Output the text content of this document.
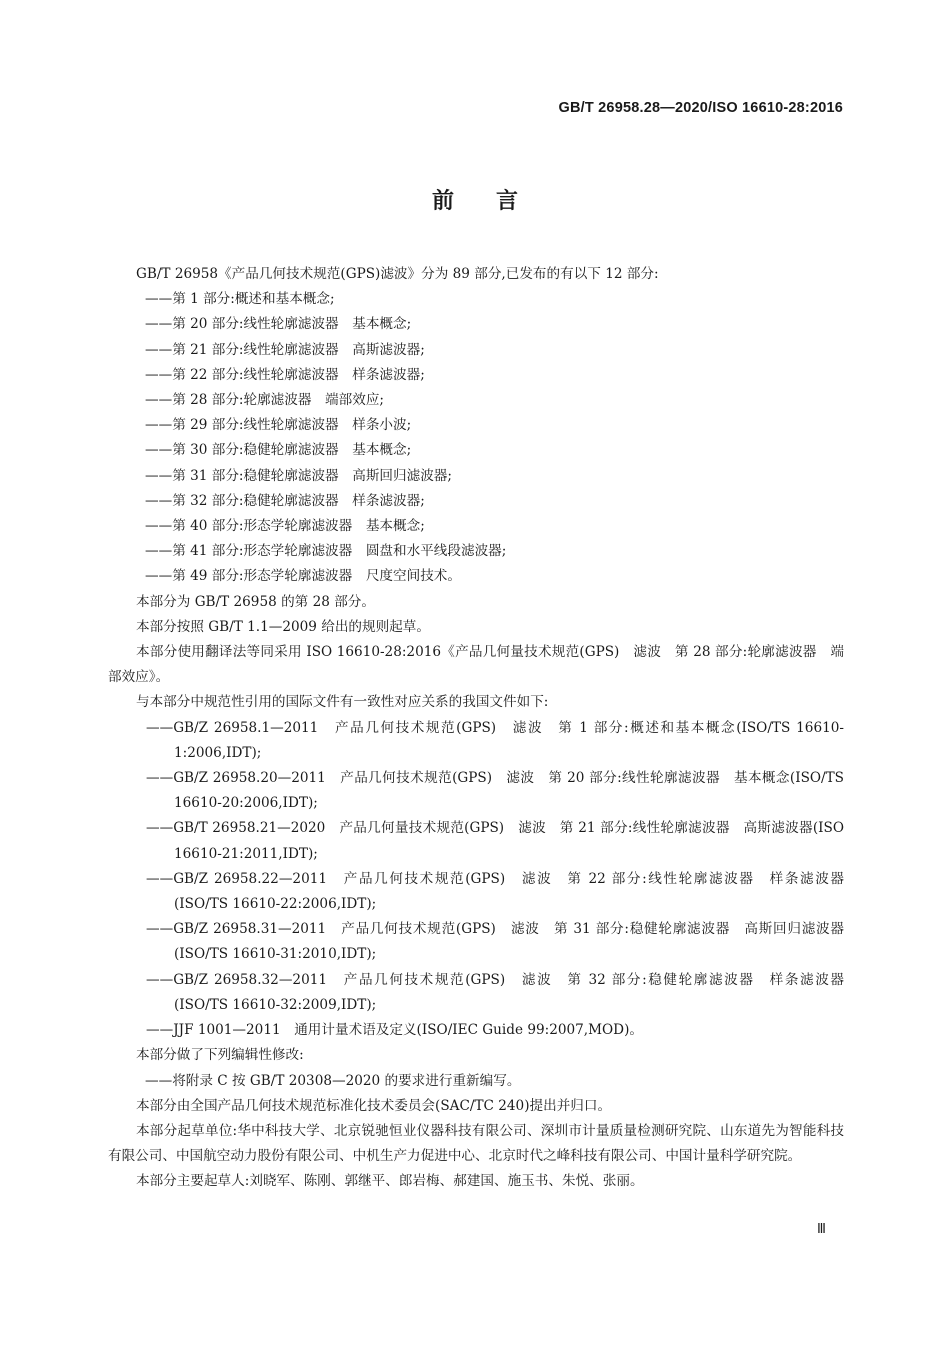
GB/T 26958.28—2020/ISO 16610-28:2016
前言

GB/T 26958《产品几何技术规范(GPS)滤波》分为 89 部分,已发布的有以下 12 部分:

——第 1 部分:概述和基本概念;

——第 20 部分:线性轮廓滤波器　基本概念;

——第 21 部分:线性轮廓滤波器　高斯滤波器;

——第 22 部分:线性轮廓滤波器　样条滤波器;

——第 28 部分:轮廓滤波器　端部效应;

——第 29 部分:线性轮廓滤波器　样条小波;

——第 30 部分:稳健轮廓滤波器　基本概念;

——第 31 部分:稳健轮廓滤波器　高斯回归滤波器;

——第 32 部分:稳健轮廓滤波器　样条滤波器;

——第 40 部分:形态学轮廓滤波器　基本概念;

——第 41 部分:形态学轮廓滤波器　圆盘和水平线段滤波器;

——第 49 部分:形态学轮廓滤波器　尺度空间技术。

本部分为 GB/T 26958 的第 28 部分。

本部分按照 GB/T 1.1—2009 给出的规则起草。

本部分使用翻译法等同采用 ISO 16610-28:2016《产品几何量技术规范(GPS)　滤波　第 28 部分:轮廓滤波器　端部效应》。

与本部分中规范性引用的国际文件有一致性对应关系的我国文件如下:

——GB/Z 26958.1—2011　产品几何技术规范(GPS)　滤波　第 1 部分:概述和基本概念(ISO/TS 16610-1:2006,IDT);

——GB/Z 26958.20—2011　产品几何技术规范(GPS)　滤波　第 20 部分:线性轮廓滤波器　基本概念(ISO/TS 16610-20:2006,IDT);

——GB/T 26958.21—2020　产品几何量技术规范(GPS)　滤波　第 21 部分:线性轮廓滤波器　高斯滤波器(ISO 16610-21:2011,IDT);

——GB/Z 26958.22—2011　产品几何技术规范(GPS)　滤波　第 22 部分:线性轮廓滤波器　样条滤波器(ISO/TS 16610-22:2006,IDT);

——GB/Z 26958.31—2011　产品几何技术规范(GPS)　滤波　第 31 部分:稳健轮廓滤波器　高斯回归滤波器(ISO/TS 16610-31:2010,IDT);

——GB/Z 26958.32—2011　产品几何技术规范(GPS)　滤波　第 32 部分:稳健轮廓滤波器　样条滤波器(ISO/TS 16610-32:2009,IDT);

——JJF 1001—2011　通用计量术语及定义(ISO/IEC Guide 99:2007,MOD)。

本部分做了下列编辑性修改:

——将附录 C 按 GB/T 20308—2020 的要求进行重新编写。

本部分由全国产品几何技术规范标准化技术委员会(SAC/TC 240)提出并归口。

本部分起草单位:华中科技大学、北京锐驰恒业仪器科技有限公司、深圳市计量质量检测研究院、山东道先为智能科技有限公司、中国航空动力股份有限公司、中机生产力促进中心、北京时代之峰科技有限公司、中国计量科学研究院。

本部分主要起草人:刘晓军、陈刚、郭继平、郎岩梅、郝建国、施玉书、朱悦、张丽。

Ⅲ
